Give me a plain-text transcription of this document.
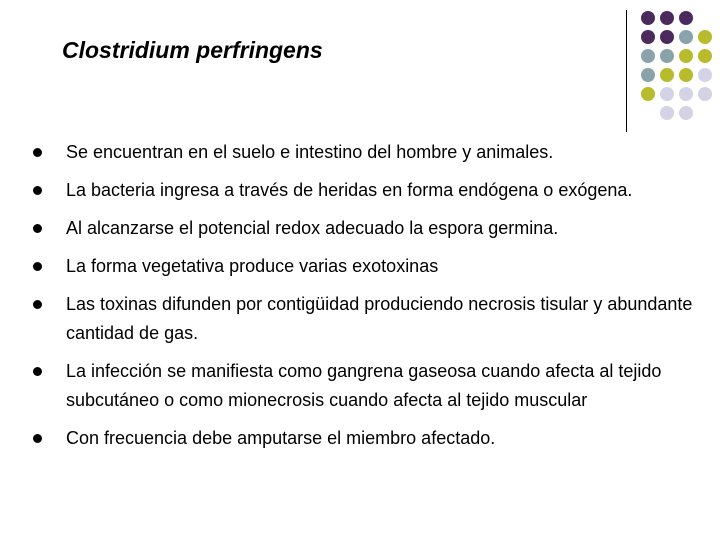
Clostridium perfringens
Se encuentran en el suelo e intestino del hombre y animales.
La bacteria ingresa a través de heridas en forma endógena o exógena.
Al alcanzarse el potencial redox adecuado la espora germina.
La forma vegetativa produce varias exotoxinas
Las toxinas difunden por contigüidad produciendo necrosis tisular y abundante cantidad de gas.
La infección se manifiesta como gangrena gaseosa cuando afecta al tejido subcutáneo o como mionecrosis cuando afecta al tejido muscular
Con frecuencia debe amputarse el miembro afectado.
